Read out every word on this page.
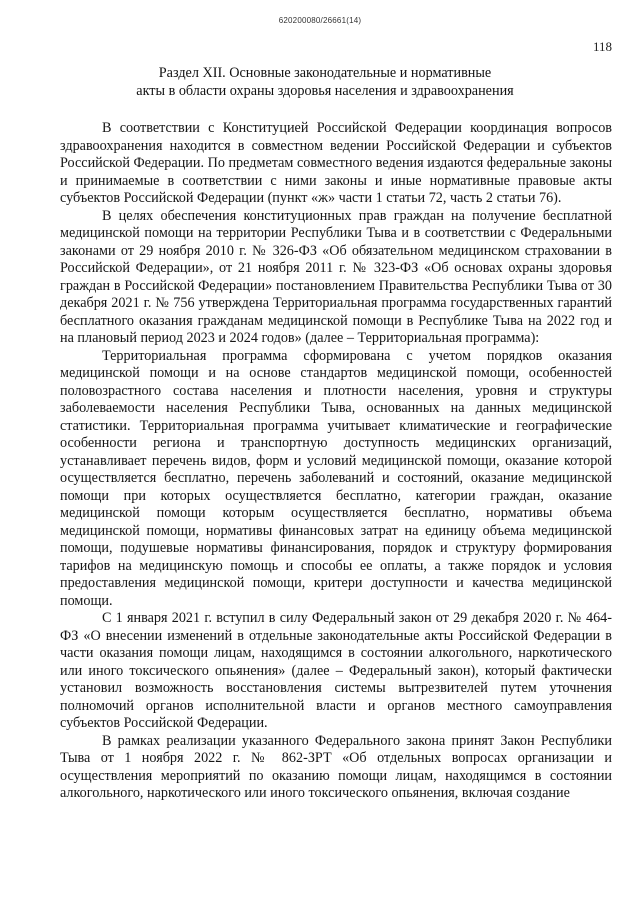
620200080/26661(14)
118
Раздел XII. Основные законодательные и нормативные
акты в области охраны здоровья населения и здравоохранения

В соответствии с Конституцией Российской Федерации координация вопросов здравоохранения находится в совместном ведении Российской Федерации и субъектов Российской Федерации. По предметам совместного ведения издаются федеральные законы и принимаемые в соответствии с ними законы и иные нормативные правовые акты субъектов Российской Федерации (пункт «ж» части 1 статьи 72, часть 2 статьи 76).

В целях обеспечения конституционных прав граждан на получение бесплатной медицинской помощи на территории Республики Тыва и в соответствии с Федеральными законами от 29 ноября 2010 г. № 326-ФЗ «Об обязательном медицинском страховании в Российской Федерации», от 21 ноября 2011 г. № 323-ФЗ «Об основах охраны здоровья граждан в Российской Федерации» постановлением Правительства Республики Тыва от 30 декабря 2021 г. № 756 утверждена Территориальная программа государственных гарантий бесплатного оказания гражданам медицинской помощи в Республике Тыва на 2022 год и на плановый период 2023 и 2024 годов» (далее – Территориальная программа):

Территориальная программа сформирована с учетом порядков оказания медицинской помощи и на основе стандартов медицинской помощи, особенностей половозрастного состава населения и плотности населения, уровня и структуры заболеваемости населения Республики Тыва, основанных на данных медицинской статистики. Территориальная программа учитывает климатические и географические особенности региона и транспортную доступность медицинских организаций, устанавливает перечень видов, форм и условий медицинской помощи, оказание которой осуществляется бесплатно, перечень заболеваний и состояний, оказание медицинской помощи при которых осуществляется бесплатно, категории граждан, оказание медицинской помощи которым осуществляется бесплатно, нормативы объема медицинской помощи, нормативы финансовых затрат на единицу объема медицинской помощи, подушевые нормативы финансирования, порядок и структуру формирования тарифов на медицинскую помощь и способы ее оплаты, а также порядок и условия предоставления медицинской помощи, критери доступности и качества медицинской помощи.

С 1 января 2021 г. вступил в силу Федеральный закон от 29 декабря 2020 г. № 464-ФЗ «О внесении изменений в отдельные законодательные акты Российской Федерации в части оказания помощи лицам, находящимся в состоянии алкогольного, наркотического или иного токсического опьянения» (далее – Федеральный закон), который фактически установил возможность восстановления системы вытрезвителей путем уточнения полномочий органов исполнительной власти и органов местного самоуправления субъектов Российской Федерации.

В рамках реализации указанного Федерального закона принят Закон Республики Тыва от 1 ноября 2022 г. № 862-ЗРТ «Об отдельных вопросах организации и осуществления мероприятий по оказанию помощи лицам, находящимся в состоянии алкогольного, наркотического или иного токсического опьянения, включая создание
